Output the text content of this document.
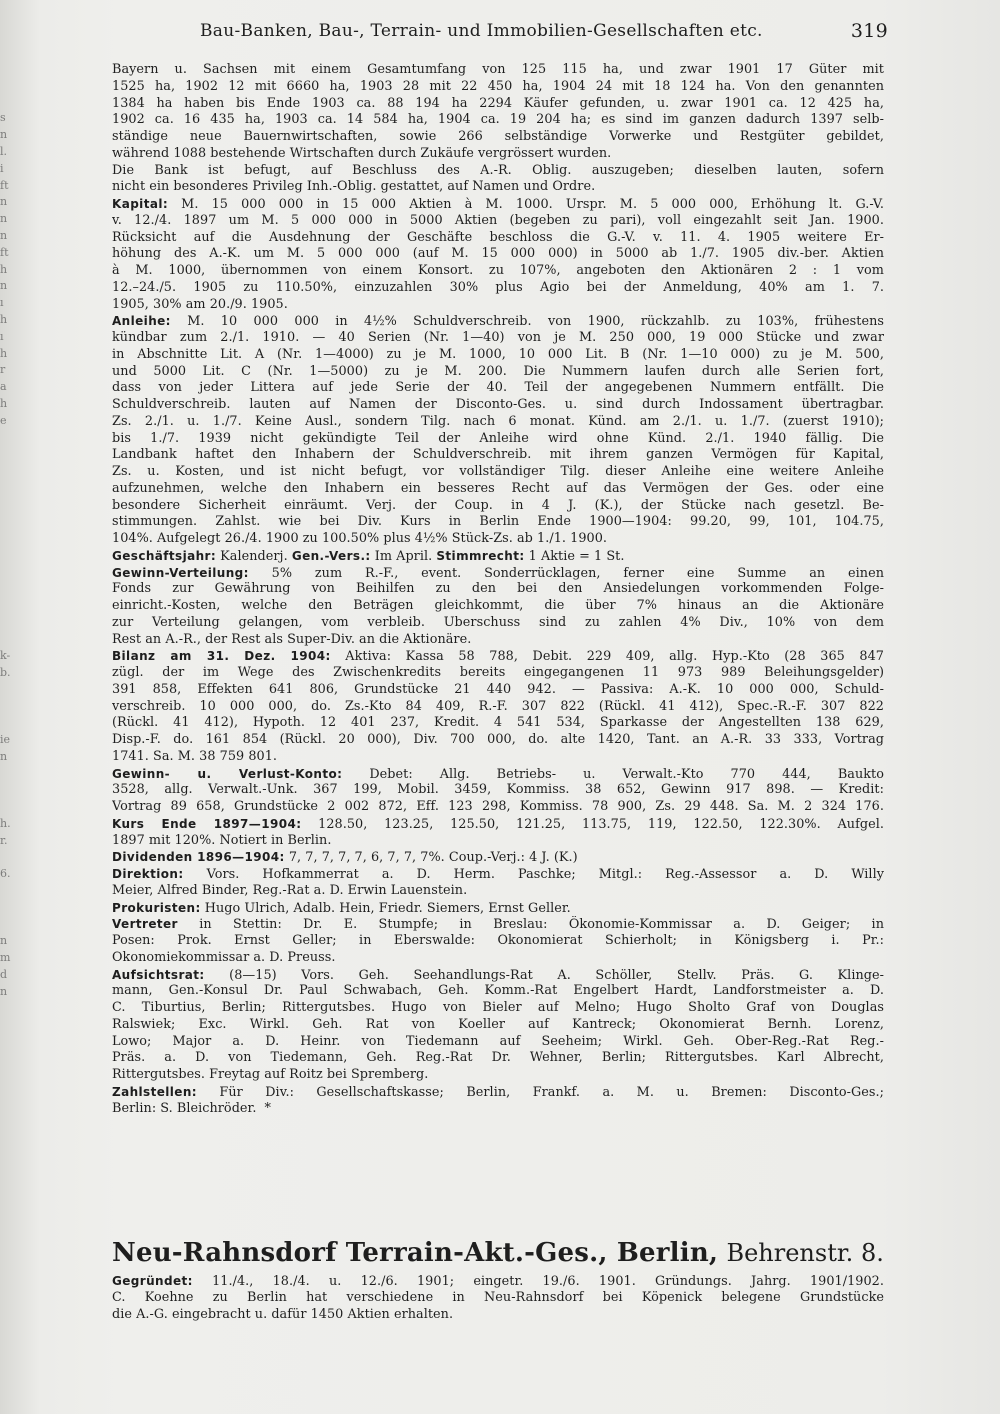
s
n
l.
i
ft
n
n
n
ft
h
n
ı
h
ı
h
r
a
h
e
k-
b.
ie
n
h.
r.
6.
n
m
d
n
Bau-Banken, Bau-, Terrain- und Immobilien-Gesellschaften etc.	319
Bayern u. Sachsen mit einem Gesamtumfang von 125 115 ha, und zwar 1901 17 Güter mit
1525 ha, 1902 12 mit 6660 ha, 1903 28 mit 22 450 ha, 1904 24 mit 18 124 ha. Von den genannten
1384 ha haben bis Ende 1903 ca. 88 194 ha 2294 Käufer gefunden, u. zwar 1901 ca. 12 425 ha,
1902 ca. 16 435 ha, 1903 ca. 14 584 ha, 1904 ca. 19 204 ha; es sind im ganzen dadurch 1397 selb-
ständige neue Bauernwirtschaften, sowie 266 selbständige Vorwerke und Restgüter gebildet,
während 1088 bestehende Wirtschaften durch Zukäufe vergrössert wurden.
Die Bank ist befugt, auf Beschluss des A.-R. Oblig. auszugeben; dieselben lauten, sofern
nicht ein besonderes Privileg Inh.-Oblig. gestattet, auf Namen und Ordre.
Kapital: M. 15 000 000 in 15 000 Aktien à M. 1000. Urspr. M. 5 000 000, Erhöhung lt. G.-V.
v. 12./4. 1897 um M. 5 000 000 in 5000 Aktien (begeben zu pari), voll eingezahlt seit Jan. 1900.
Rücksicht auf die Ausdehnung der Geschäfte beschloss die G.-V. v. 11. 4. 1905 weitere Er-
höhung des A.-K. um M. 5 000 000 (auf M. 15 000 000) in 5000 ab 1./7. 1905 div.-ber. Aktien
à M. 1000, übernommen von einem Konsort. zu 107%, angeboten den Aktionären 2 : 1 vom
12.–24./5. 1905 zu 110.50%, einzuzahlen 30% plus Agio bei der Anmeldung, 40% am 1. 7.
1905, 30% am 20./9. 1905.
Anleihe: M. 10 000 000 in 4½% Schuldverschreib. von 1900, rückzahlb. zu 103%, frühestens
kündbar zum 2./1. 1910. — 40 Serien (Nr. 1—40) von je M. 250 000, 19 000 Stücke und zwar
in Abschnitte Lit. A (Nr. 1—4000) zu je M. 1000, 10 000 Lit. B (Nr. 1—10 000) zu je M. 500,
und 5000 Lit. C (Nr. 1—5000) zu je M. 200. Die Nummern laufen durch alle Serien fort,
dass von jeder Littera auf jede Serie der 40. Teil der angegebenen Nummern entfällt. Die
Schuldverschreib. lauten auf Namen der Disconto-Ges. u. sind durch Indossament übertragbar.
Zs. 2./1. u. 1./7. Keine Ausl., sondern Tilg. nach 6 monat. Künd. am 2./1. u. 1./7. (zuerst 1910);
bis 1./7. 1939 nicht gekündigte Teil der Anleihe wird ohne Künd. 2./1. 1940 fällig. Die
Landbank haftet den Inhabern der Schuldverschreib. mit ihrem ganzen Vermögen für Kapital,
Zs. u. Kosten, und ist nicht befugt, vor vollständiger Tilg. dieser Anleihe eine weitere Anleihe
aufzunehmen, welche den Inhabern ein besseres Recht auf das Vermögen der Ges. oder eine
besondere Sicherheit einräumt. Verj. der Coup. in 4 J. (K.), der Stücke nach gesetzl. Be-
stimmungen. Zahlst. wie bei Div. Kurs in Berlin Ende 1900—1904: 99.20, 99, 101, 104.75,
104%. Aufgelegt 26./4. 1900 zu 100.50% plus 4½% Stück-Zs. ab 1./1. 1900.
Geschäftsjahr: Kalenderj. Gen.-Vers.: Im April. Stimmrecht: 1 Aktie = 1 St.
Gewinn-Verteilung: 5% zum R.-F., event. Sonderrücklagen, ferner eine Summe an einen
Fonds zur Gewährung von Beihilfen zu den bei den Ansiedelungen vorkommenden Folge-
einricht.-Kosten, welche den Beträgen gleichkommt, die über 7% hinaus an die Aktionäre
zur Verteilung gelangen, vom verbleib. Überschuss sind zu zahlen 4% Div., 10% von dem
Rest an A.-R., der Rest als Super-Div. an die Aktionäre.
Bilanz am 31. Dez. 1904: Aktiva: Kassa 58 788, Debit. 229 409, allg. Hyp.-Kto (28 365 847
zügl. der im Wege des Zwischenkredits bereits eingegangenen 11 973 989 Beleihungsgelder)
391 858, Effekten 641 806, Grundstücke 21 440 942. — Passiva: A.-K. 10 000 000, Schuld-
verschreib. 10 000 000, do. Zs.-Kto 84 409, R.-F. 307 822 (Rückl. 41 412), Spec.-R.-F. 307 822
(Rückl. 41 412), Hypoth. 12 401 237, Kredit. 4 541 534, Sparkasse der Angestellten 138 629,
Disp.-F. do. 161 854 (Rückl. 20 000), Div. 700 000, do. alte 1420, Tant. an A.-R. 33 333, Vortrag
1741. Sa. M. 38 759 801.
Gewinn- u. Verlust-Konto: Debet: Allg. Betriebs- u. Verwalt.-Kto 770 444, Baukto
3528, allg. Verwalt.-Unk. 367 199, Mobil. 3459, Kommiss. 38 652, Gewinn 917 898. — Kredit:
Vortrag 89 658, Grundstücke 2 002 872, Eff. 123 298, Kommiss. 78 900, Zs. 29 448. Sa. M. 2 324 176.
Kurs Ende 1897—1904: 128.50, 123.25, 125.50, 121.25, 113.75, 119, 122.50, 122.30%. Aufgel.
1897 mit 120%. Notiert in Berlin.
Dividenden 1896—1904: 7, 7, 7, 7, 7, 6, 7, 7, 7%. Coup.-Verj.: 4 J. (K.)
Direktion: Vors. Hofkammerrat a. D. Herm. Paschke; Mitgl.: Reg.-Assessor a. D. Willy
Meier, Alfred Binder, Reg.-Rat a. D. Erwin Lauenstein.
Prokuristen: Hugo Ulrich, Adalb. Hein, Friedr. Siemers, Ernst Geller.
Vertreter in Stettin: Dr. E. Stumpfe; in Breslau: Ökonomie-Kommissar a. D. Geiger; in
Posen: Prok. Ernst Geller; in Eberswalde: Ökonomierat Schierholt; in Königsberg i. Pr.:
Ökonomiekommissar a. D. Preuss.
Aufsichtsrat: (8—15) Vors. Geh. Seehandlungs-Rat A. Schöller, Stellv. Präs. G. Klinge-
mann, Gen.-Konsul Dr. Paul Schwabach, Geh. Komm.-Rat Engelbert Hardt, Landforstmeister a. D.
C. Tiburtius, Berlin; Rittergutsbes. Hugo von Bieler auf Melno; Hugo Sholto Graf von Douglas
Ralswiek; Exc. Wirkl. Geh. Rat von Koeller auf Kantreck; Ökonomierat Bernh. Lorenz,
Lowo; Major a. D. Heinr. von Tiedemann auf Seeheim; Wirkl. Geh. Ober-Reg.-Rat Reg.-
Präs. a. D. von Tiedemann, Geh. Reg.-Rat Dr. Wehner, Berlin; Rittergutsbes. Karl Albrecht,
Rittergutsbes. Freytag auf Roitz bei Spremberg.
Zahlstellen: Für Div.: Gesellschaftskasse; Berlin, Frankf. a. M. u. Bremen: Disconto-Ges.;
Berlin: S. Bleichröder. *
Neu-Rahnsdorf Terrain-Akt.-Ges., Berlin, Behrenstr. 8.
Gegründet: 11./4., 18./4. u. 12./6. 1901; eingetr. 19./6. 1901. Gründungs. Jahrg. 1901/1902.
C. Koehne zu Berlin hat verschiedene in Neu-Rahnsdorf bei Köpenick belegene Grundstücke
die A.-G. eingebracht u. dafür 1450 Aktien erhalten.
